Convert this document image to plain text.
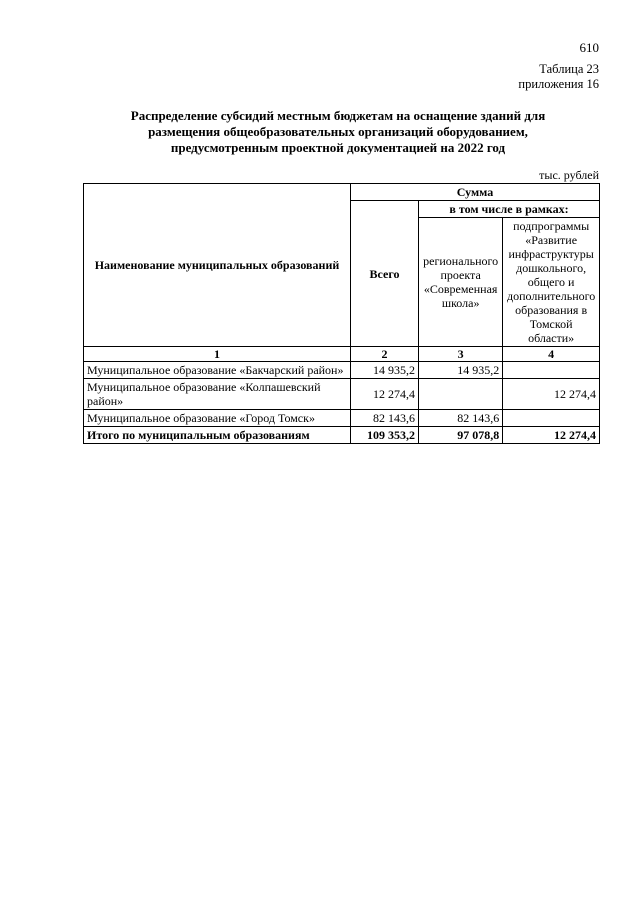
610
Таблица 23
приложения 16
Распределение субсидий местным бюджетам на оснащение зданий для
размещения общеобразовательных организаций оборудованием,
предусмотренным проектной документацией на 2022 год
тыс. рублей
Наименование муниципальных образований	Сумма		
	Всего	в том числе в рамках:	
		регионального проекта «Современная школа»	подпрограммы «Развитие инфраструктуры дошкольного, общего и дополнительного образования в Томской области»
1	2	3	4
Муниципальное образование «Бакчарский район»	14 935,2	14 935,2	
Муниципальное образование «Колпашевский район»	12 274,4		12 274,4
Муниципальное образование «Город Томск»	82 143,6	82 143,6	
Итого по муниципальным образованиям	109 353,2	97 078,8	12 274,4
